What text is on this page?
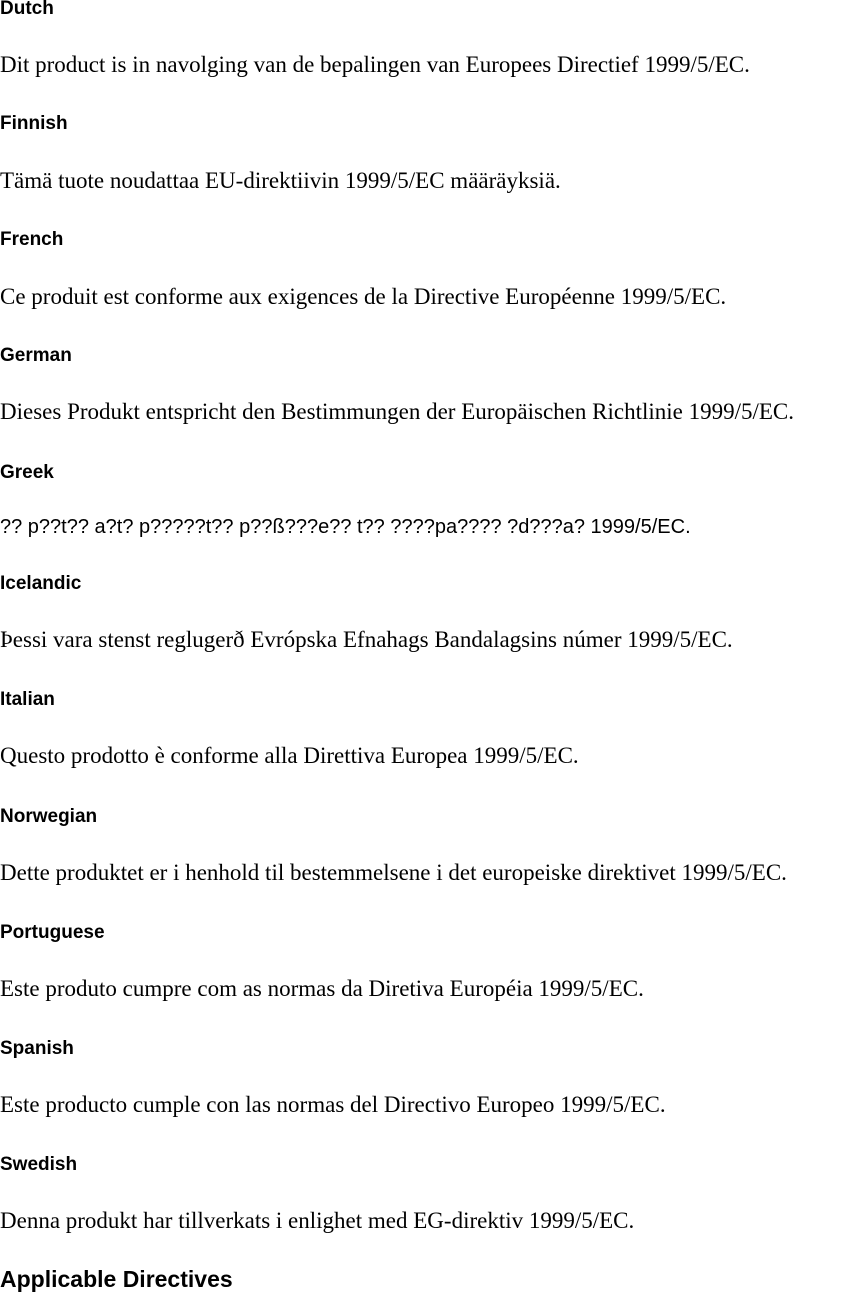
Dutch

Dit product is in navolging van de bepalingen van Europees Directief 1999/5/EC.

Finnish

Tämä tuote noudattaa EU-direktiivin 1999/5/EC määräyksiä.

French

Ce produit est conforme aux exigences de la Directive Européenne 1999/5/EC.

German

Dieses Produkt entspricht den Bestimmungen der Europäischen Richtlinie 1999/5/EC.

Greek

?? p??t?? a?t? p?????t?? p??ß???e?? t?? ????pa???? ?d???a? 1999/5/EC.

Icelandic

Þessi vara stenst reglugerð Evrópska Efnahags Bandalagsins númer 1999/5/EC.

Italian

Questo prodotto è conforme alla Direttiva Europea 1999/5/EC.

Norwegian

Dette produktet er i henhold til bestemmelsene i det europeiske direktivet 1999/5/EC.

Portuguese

Este produto cumpre com as normas da Diretiva Européia 1999/5/EC.

Spanish

Este producto cumple con las normas del Directivo Europeo 1999/5/EC.

Swedish

Denna produkt har tillverkats i enlighet med EG-direktiv 1999/5/EC.

Applicable Directives
